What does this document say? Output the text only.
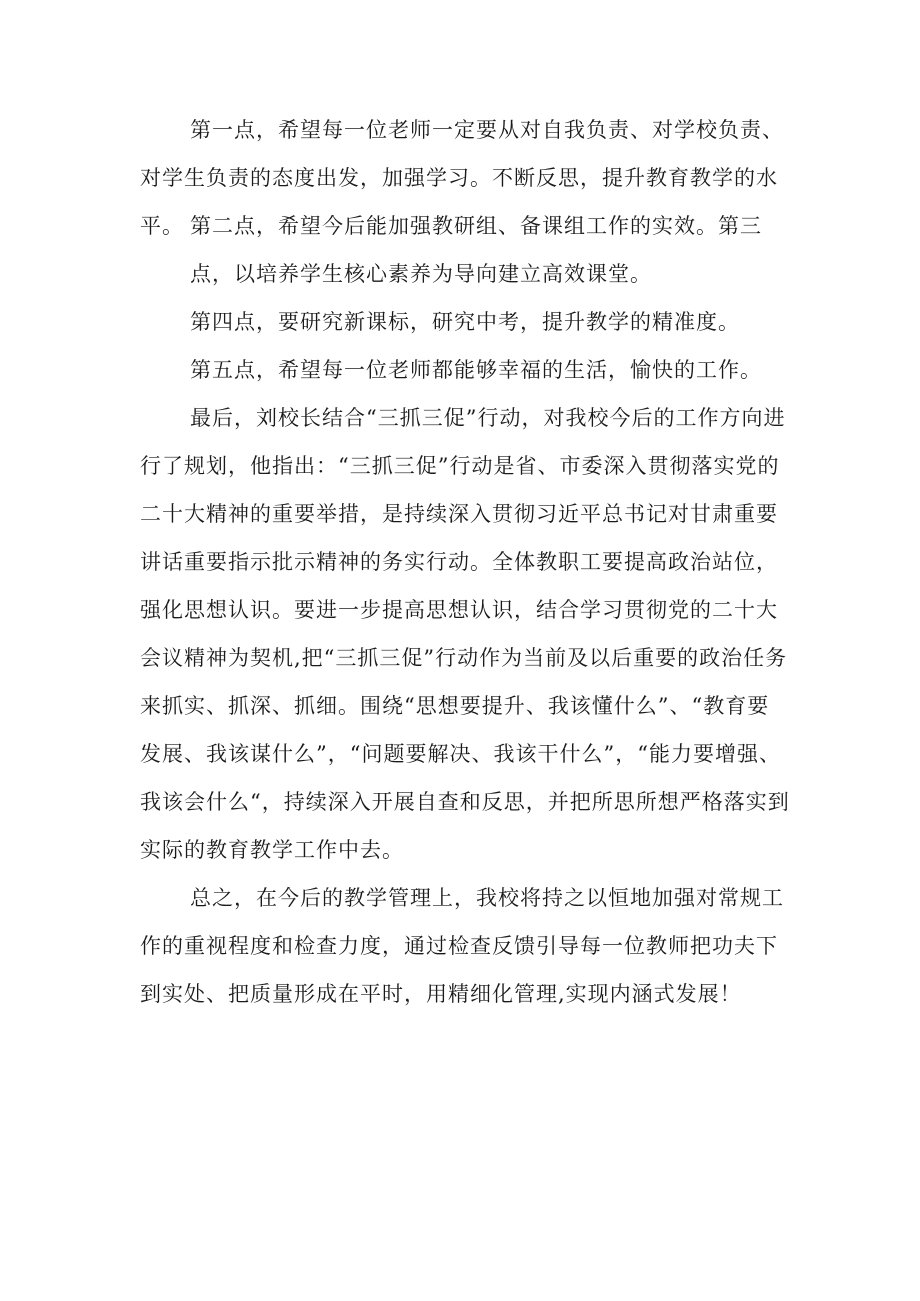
第一点，希望每一位老师一定要从对自我负责、对学校负责、对学生负责的态度出发，加强学习。不断反思，提升教育教学的水平。 第二点，希望今后能加强教研组、备课组工作的实效。第三点，以培养学生核心素养为导向建立高效课堂。

第四点，要研究新课标，研究中考，提升教学的精准度。

第五点，希望每一位老师都能够幸福的生活，愉快的工作。

最后，刘校长结合“三抓三促”行动，对我校今后的工作方向进行了规划，他指出：“三抓三促”行动是省、市委深入贯彻落实党的二十大精神的重要举措，是持续深入贯彻习近平总书记对甘肃重要讲话重要指示批示精神的务实行动。全体教职工要提高政治站位，强化思想认识。要进一步提高思想认识，结合学习贯彻党的二十大会议精神为契机,把“三抓三促”行动作为当前及以后重要的政治任务来抓实、抓深、抓细。围绕“思想要提升、我该懂什么”、“教育要发展、我该谋什么”，“问题要解决、我该干什么”，“能力要增强、我该会什么“，持续深入开展自查和反思，并把所思所想严格落实到实际的教育教学工作中去。

总之，在今后的教学管理上，我校将持之以恒地加强对常规工作的重视程度和检查力度，通过检查反馈引导每一位教师把功夫下到实处、把质量形成在平时，用精细化管理,实现内涵式发展！
